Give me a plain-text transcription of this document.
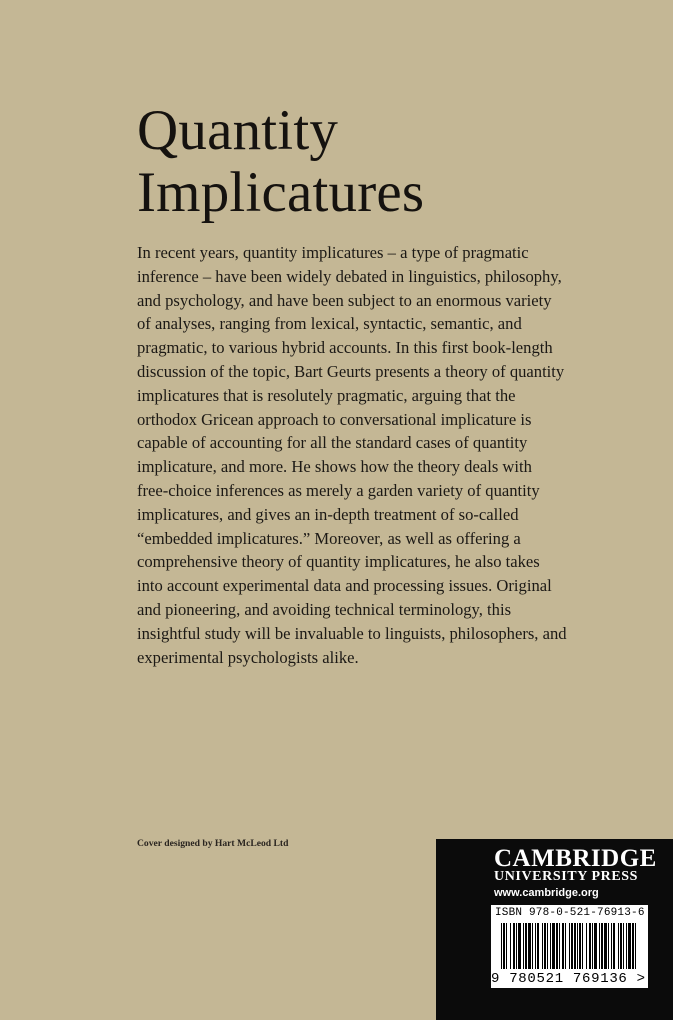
Quantity
Implicatures

In recent years, quantity implicatures – a type of pragmatic inference – have been widely debated in linguistics, philosophy, and psychology, and have been subject to an enormous variety of analyses, ranging from lexical, syntactic, semantic, and pragmatic, to various hybrid accounts. In this first book-length discussion of the topic, Bart Geurts presents a theory of quantity implicatures that is resolutely pragmatic, arguing that the orthodox Gricean approach to conversational implicature is capable of accounting for all the standard cases of quantity implicature, and more. He shows how the theory deals with free-choice inferences as merely a garden variety of quantity implicatures, and gives an in-depth treatment of so-called “embedded implicatures.” Moreover, as well as offering a comprehensive theory of quantity implicatures, he also takes into account experimental data and processing issues. Original and pioneering, and avoiding technical terminology, this insightful study will be invaluable to linguists, philosophers, and experimental psychologists alike.

Cover designed by Hart McLeod Ltd

CAMBRIDGE

UNIVERSITY PRESS

www.cambridge.org

ISBN 978-0-521-76913-6

9 780521 769136 >
